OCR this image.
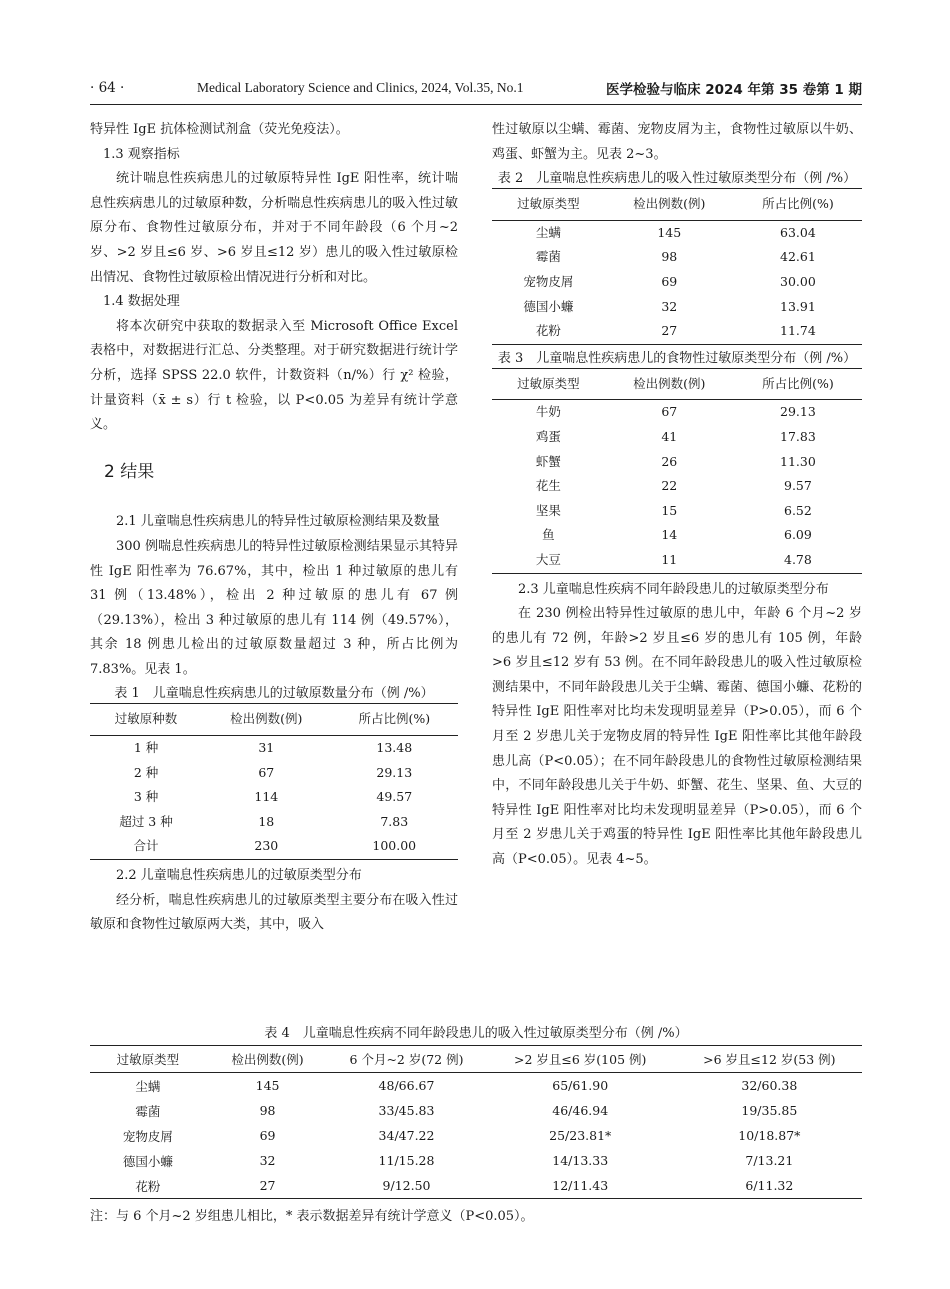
· 64 ·	Medical Laboratory Science and Clinics, 2024, Vol.35, No.1	医学检验与临床 2024 年第 35 卷第 1 期

特异性 IgE 抗体检测试剂盒（荧光免疫法）。

1.3 观察指标

统计喘息性疾病患儿的过敏原特异性 IgE 阳性率，统计喘息性疾病患儿的过敏原种数，分析喘息性疾病患儿的吸入性过敏原分布、食物性过敏原分布，并对于不同年龄段（6 个月~2 岁、>2 岁且≤6 岁、>6 岁且≤12 岁）患儿的吸入性过敏原检出情况、食物性过敏原检出情况进行分析和对比。

1.4 数据处理

将本次研究中获取的数据录入至 Microsoft Office Excel 表格中，对数据进行汇总、分类整理。对于研究数据进行统计学分析，选择 SPSS 22.0 软件，计数资料（n/%）行 χ² 检验，计量资料（x̄ ± s）行 t 检验，以 P<0.05 为差异有统计学意义。

2 结果

2.1 儿童喘息性疾病患儿的特异性过敏原检测结果及数量

300 例喘息性疾病患儿的特异性过敏原检测结果显示其特异性 IgE 阳性率为 76.67%，其中，检出 1 种过敏原的患儿有 31 例（13.48%），检出 2 种过敏原的患儿有 67 例（29.13%），检出 3 种过敏原的患儿有 114 例（49.57%），其余 18 例患儿检出的过敏原数量超过 3 种，所占比例为 7.83%。见表 1。

表 1　儿童喘息性疾病患儿的过敏原数量分布（例 /%）
过敏原种数	检出例数(例)	所占比例(%)
1 种	31	13.48
2 种	67	29.13
3 种	114	49.57
超过 3 种	18	7.83
合计	230	100.00

2.2 儿童喘息性疾病患儿的过敏原类型分布

经分析，喘息性疾病患儿的过敏原类型主要分布在吸入性过敏原和食物性过敏原两大类，其中，吸入

性过敏原以尘螨、霉菌、宠物皮屑为主，食物性过敏原以牛奶、鸡蛋、虾蟹为主。见表 2~3。

表 2　儿童喘息性疾病患儿的吸入性过敏原类型分布（例 /%）
过敏原类型	检出例数(例)	所占比例(%)
尘螨	145	63.04
霉菌	98	42.61
宠物皮屑	69	30.00
德国小蠊	32	13.91
花粉	27	11.74
表 3　儿童喘息性疾病患儿的食物性过敏原类型分布（例 /%）
过敏原类型	检出例数(例)	所占比例(%)
牛奶	67	29.13
鸡蛋	41	17.83
虾蟹	26	11.30
花生	22	9.57
坚果	15	6.52
鱼	14	6.09
大豆	11	4.78

2.3 儿童喘息性疾病不同年龄段患儿的过敏原类型分布

在 230 例检出特异性过敏原的患儿中，年龄 6 个月~2 岁的患儿有 72 例，年龄>2 岁且≤6 岁的患儿有 105 例，年龄>6 岁且≤12 岁有 53 例。在不同年龄段患儿的吸入性过敏原检测结果中，不同年龄段患儿关于尘螨、霉菌、德国小蠊、花粉的特异性 IgE 阳性率对比均未发现明显差异（P>0.05），而 6 个月至 2 岁患儿关于宠物皮屑的特异性 IgE 阳性率比其他年龄段患儿高（P<0.05）；在不同年龄段患儿的食物性过敏原检测结果中，不同年龄段患儿关于牛奶、虾蟹、花生、坚果、鱼、大豆的特异性 IgE 阳性率对比均未发现明显差异（P>0.05），而 6 个月至 2 岁患儿关于鸡蛋的特异性 IgE 阳性率比其他年龄段患儿高（P<0.05）。见表 4~5。

表 4　儿童喘息性疾病不同年龄段患儿的吸入性过敏原类型分布（例 /%）
过敏原类型	检出例数(例)	6 个月~2 岁(72 例)	>2 岁且≤6 岁(105 例)	>6 岁且≤12 岁(53 例)
尘螨	145	48/66.67	65/61.90	32/60.38
霉菌	98	33/45.83	46/46.94	19/35.85
宠物皮屑	69	34/47.22	25/23.81*	10/18.87*
德国小蠊	32	11/15.28	14/13.33	7/13.21
花粉	27	9/12.50	12/11.43	6/11.32
注：与 6 个月~2 岁组患儿相比，* 表示数据差异有统计学意义（P<0.05）。
